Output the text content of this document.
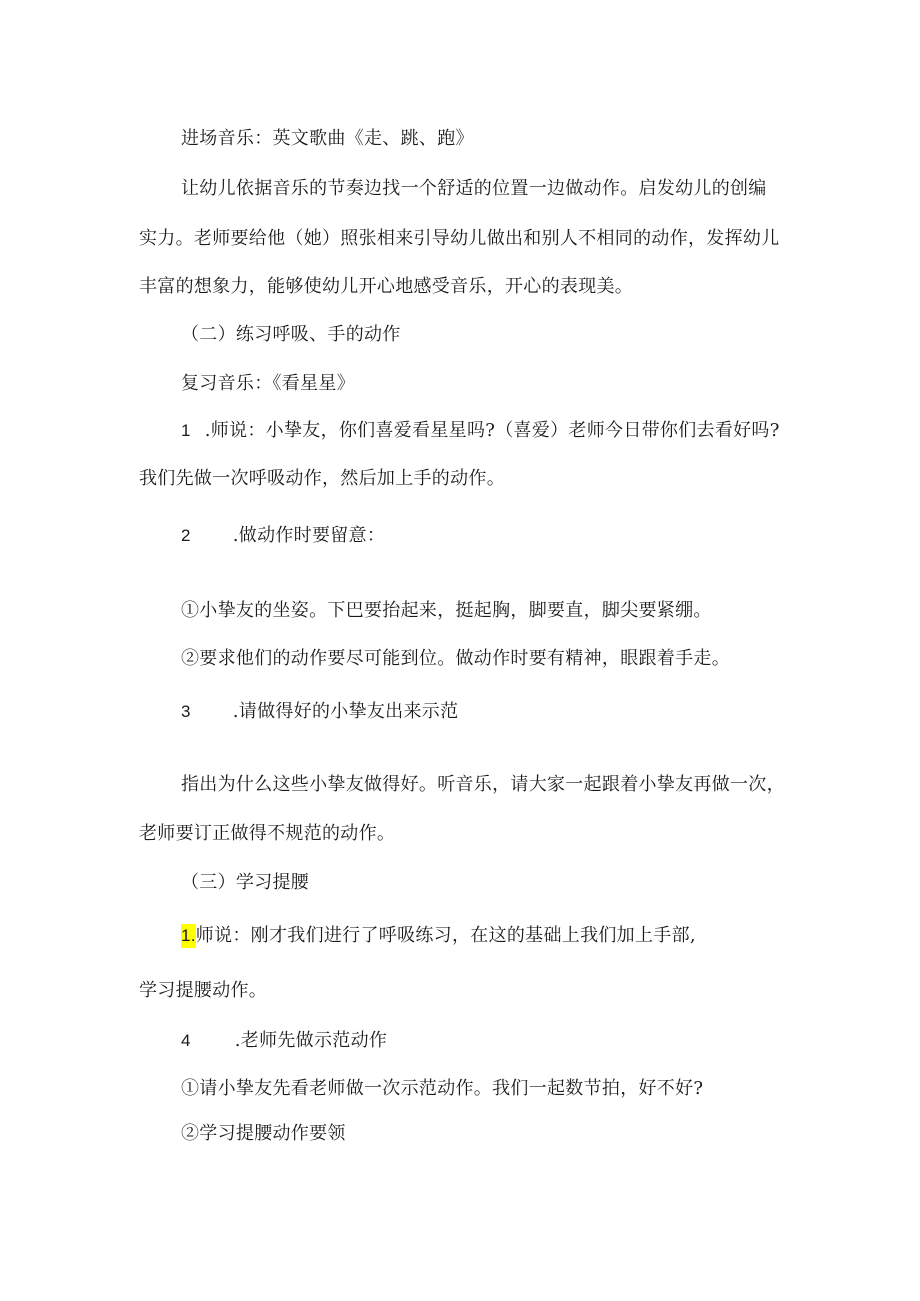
进场音乐：英文歌曲《走、跳、跑》
让幼儿依据音乐的节奏边找一个舒适的位置一边做动作。启发幼儿的创编
实力。老师要给他（她）照张相来引导幼儿做出和别人不相同的动作，发挥幼儿
丰富的想象力，能够使幼儿开心地感受音乐，开心的表现美。
（二）练习呼吸、手的动作
复习音乐：《看星星》
1 .师说：小挚友，你们喜爱看星星吗?（喜爱）老师今日带你们去看好吗?
我们先做一次呼吸动作，然后加上手的动作。
2 .做动作时要留意：
①小挚友的坐姿。下巴要抬起来，挺起胸，脚要直，脚尖要紧绷。
②要求他们的动作要尽可能到位。做动作时要有精神，眼跟着手走。
3 .请做得好的小挚友出来示范
指出为什么这些小挚友做得好。听音乐，请大家一起跟着小挚友再做一次，
老师要订正做得不规范的动作。
（三）学习提腰
1.师说：刚才我们进行了呼吸练习，在这的基础上我们加上手部,
学习提腰动作。
4 .老师先做示范动作
①请小挚友先看老师做一次示范动作。我们一起数节拍，好不好?
②学习提腰动作要领
